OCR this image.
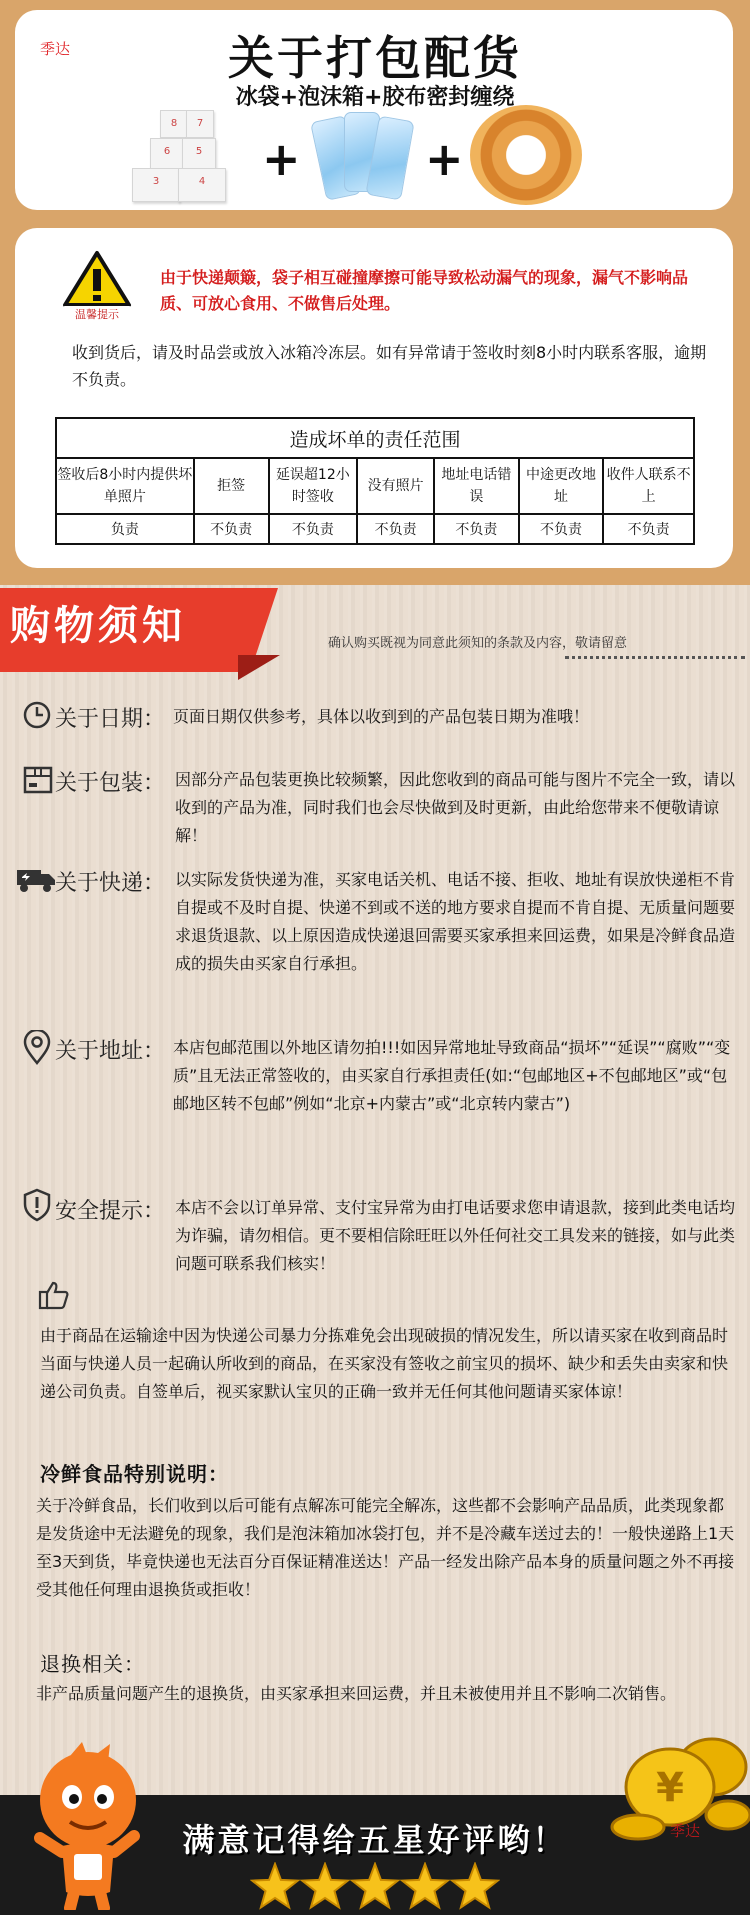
季达	关于打包配货
冰袋+泡沫箱+胶布密封缠绕
8	7
6	5
3	4	+	+
温馨提示
由于快递颠簸，袋子相互碰撞摩擦可能导致松动漏气的现象，漏气不影响品质、可放心食用、不做售后处理。
收到货后，请及时品尝或放入冰箱冷冻层。如有异常请于签收时刻8小时内联系客服，逾期不负责。
造成坏单的责任范围						
签收后8小时内提供坏单照片	拒签	延误超12小时签收	没有照片	地址电话错误	中途更改地址	收件人联系不上
负责	不负责	不负责	不负责	不负责	不负责	不负责
购物须知	确认购买既视为同意此须知的条款及内容，敬请留意
关于日期： 页面日期仅供参考，具体以收到到的产品包装日期为准哦！
关于包装： 因部分产品包装更换比较频繁，因此您收到的商品可能与图片不完全一致，请以收到的产品为准，同时我们也会尽快做到及时更新，由此给您带来不便敬请谅解！
关于快递： 以实际发货快递为准，买家电话关机、电话不接、拒收、地址有误放快递柜不肯自提或不及时自提、快递不到或不送的地方要求自提而不肯自提、无质量问题要求退货退款、以上原因造成快递退回需要买家承担来回运费，如果是冷鲜食品造成的损失由买家自行承担。
关于地址： 本店包邮范围以外地区请勿拍!!!如因异常地址导致商品“损坏”“延误”“腐败”“变质”且无法正常签收的，由买家自行承担责任(如:“包邮地区+不包邮地区”或“包邮地区转不包邮”例如“北京+内蒙古”或“北京转内蒙古”)
安全提示： 本店不会以订单异常、支付宝异常为由打电话要求您申请退款，接到此类电话均为诈骗，请勿相信。更不要相信除旺旺以外任何社交工具发来的链接，如与此类问题可联系我们核实！
由于商品在运输途中因为快递公司暴力分拣难免会出现破损的情况发生，所以请买家在收到商品时当面与快递人员一起确认所收到的商品，在买家没有签收之前宝贝的损坏、缺少和丢失由卖家和快递公司负责。自签单后，视买家默认宝贝的正确一致并无任何其他问题请买家体谅！
冷鲜食品特别说明：
关于冷鲜食品，长们收到以后可能有点解冻可能完全解冻，这些都不会影响产品品质，此类现象都是发货途中无法避免的现象，我们是泡沫箱加冰袋打包，并不是冷藏车送过去的！一般快递路上1天至3天到货，毕竟快递也无法百分百保证精准送达！产品一经发出除产品本身的质量问题之外不再接受其他任何理由退换货或拒收！
退换相关：
非产品质量问题产生的退换货，由买家承担来回运费，并且未被使用并且不影响二次销售。
¥
满意记得给五星好评哟！	季达
